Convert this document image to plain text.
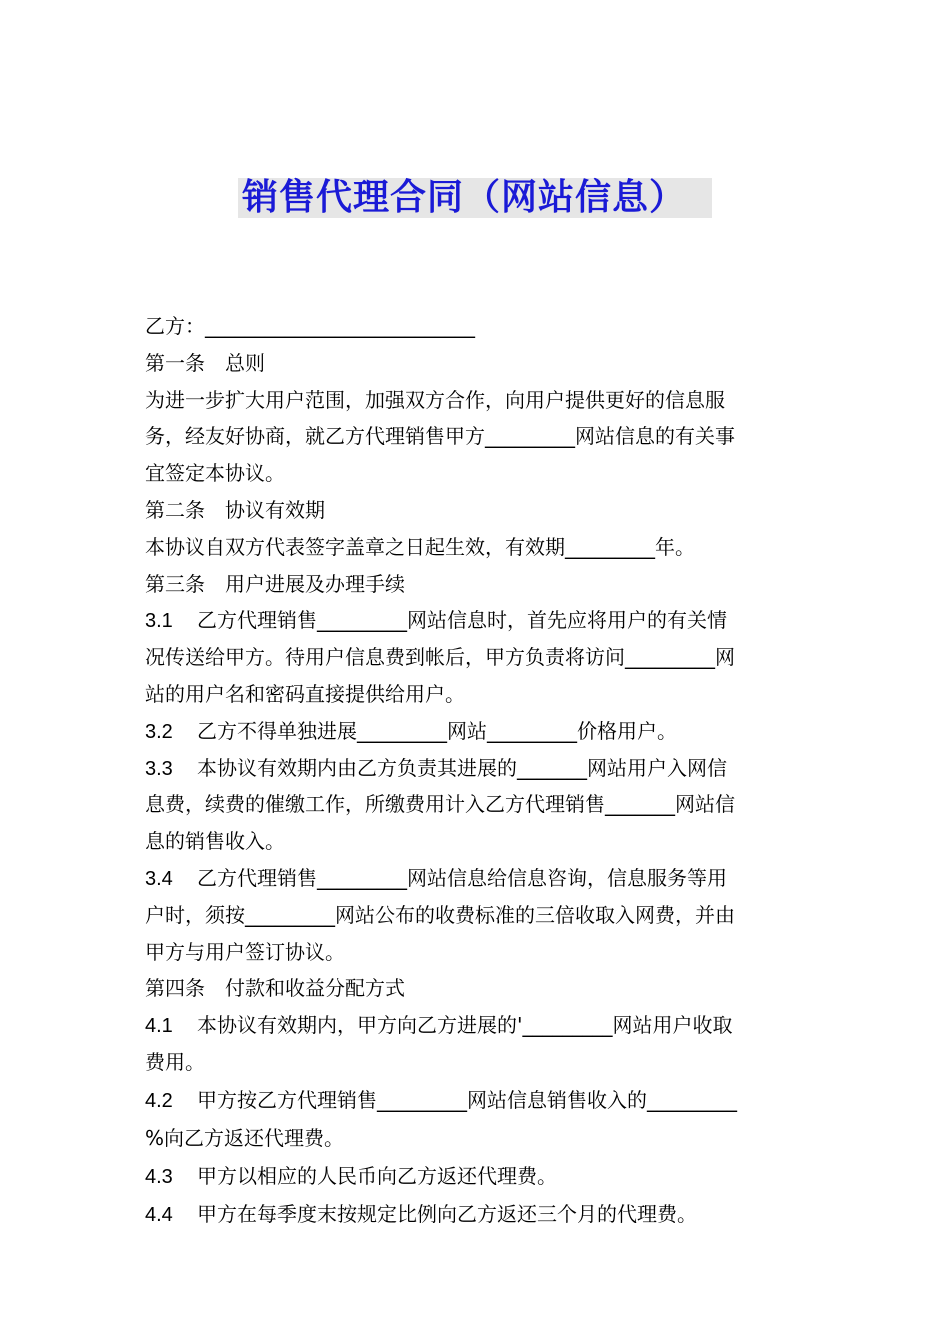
销售代理合同（网站信息）
乙方：___________________________
第一条　总则
为进一步扩大用户范围，加强双方合作，向用户提供更好的信息服
务，经友好协商，就乙方代理销售甲方_________网站信息的有关事
宜签定本协议。
第二条　协议有效期
本协议自双方代表签字盖章之日起生效，有效期_________年。
第三条　用户进展及办理手续
3.1 乙方代理销售_________网站信息时，首先应将用户的有关情
况传送给甲方。待用户信息费到帐后，甲方负责将访问_________网
站的用户名和密码直接提供给用户。
3.2 乙方不得单独进展_________网站_________价格用户。
3.3 本协议有效期内由乙方负责其进展的_______网站用户入网信
息费，续费的催缴工作，所缴费用计入乙方代理销售_______网站信
息的销售收入。
3.4 乙方代理销售_________网站信息给信息咨询，信息服务等用
户时，须按_________网站公布的收费标准的三倍收取入网费，并由
甲方与用户签订协议。
第四条　付款和收益分配方式
4.1 本协议有效期内，甲方向乙方进展的'_________网站用户收取
费用。
4.2 甲方按乙方代理销售_________网站信息销售收入的_________
%向乙方返还代理费。
4.3 甲方以相应的人民币向乙方返还代理费。
4.4 甲方在每季度末按规定比例向乙方返还三个月的代理费。
